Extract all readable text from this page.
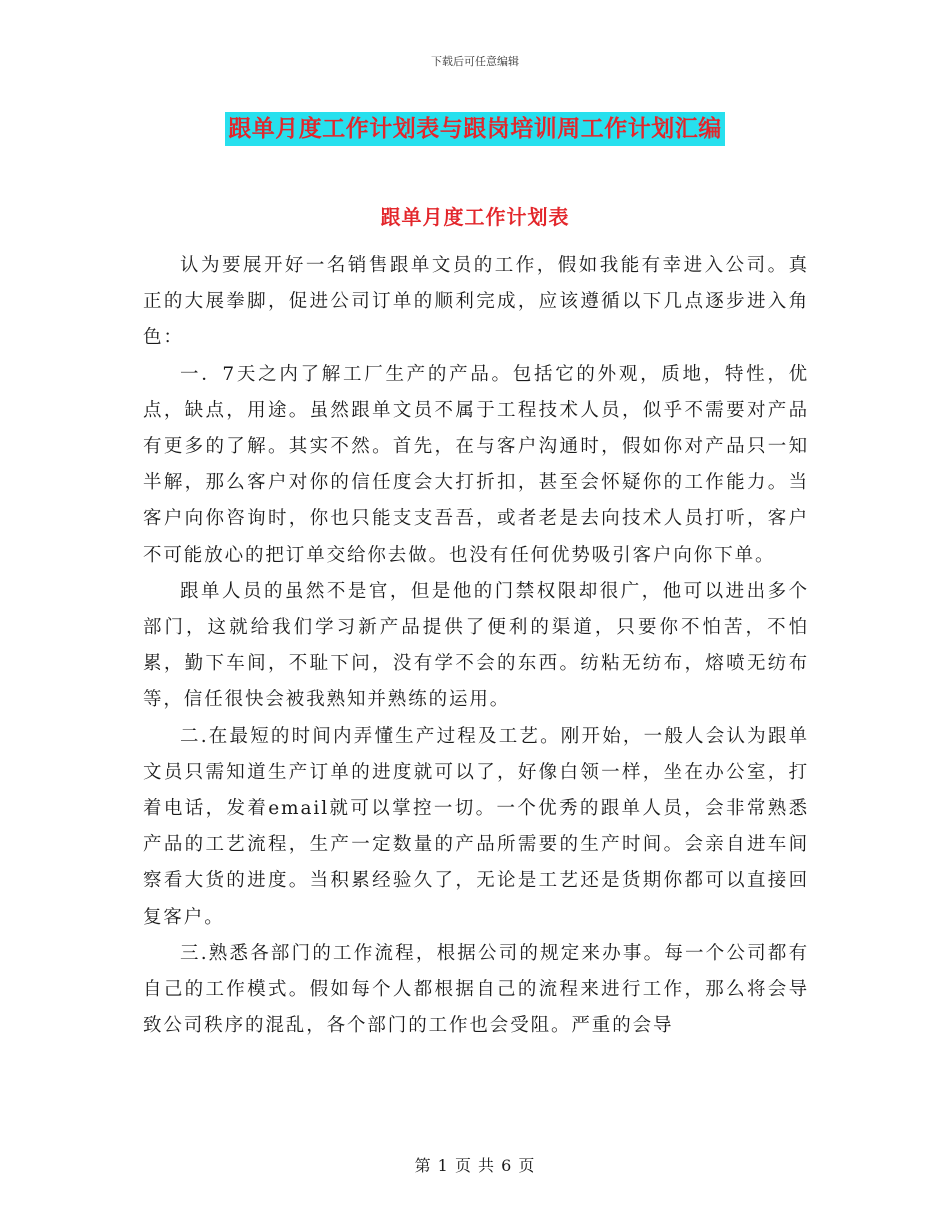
下载后可任意编辑
跟单月度工作计划表与跟岗培训周工作计划汇编
跟单月度工作计划表

认为要展开好一名销售跟单文员的工作，假如我能有幸进入公司。真正的大展拳脚，促进公司订单的顺利完成，应该遵循以下几点逐步进入角色：

一．7天之内了解工厂生产的产品。包括它的外观，质地，特性，优点，缺点，用途。虽然跟单文员不属于工程技术人员，似乎不需要对产品有更多的了解。其实不然。首先，在与客户沟通时，假如你对产品只一知半解，那么客户对你的信任度会大打折扣，甚至会怀疑你的工作能力。当客户向你咨询时，你也只能支支吾吾，或者老是去向技术人员打听，客户不可能放心的把订单交给你去做。也没有任何优势吸引客户向你下单。

跟单人员的虽然不是官，但是他的门禁权限却很广，他可以进出多个部门，这就给我们学习新产品提供了便利的渠道，只要你不怕苦，不怕累，勤下车间，不耻下问，没有学不会的东西。纺粘无纺布，熔喷无纺布等，信任很快会被我熟知并熟练的运用。

二.在最短的时间内弄懂生产过程及工艺。刚开始，一般人会认为跟单文员只需知道生产订单的进度就可以了，好像白领一样，坐在办公室，打着电话，发着email就可以掌控一切。一个优秀的跟单人员，会非常熟悉产品的工艺流程，生产一定数量的产品所需要的生产时间。会亲自进车间察看大货的进度。当积累经验久了，无论是工艺还是货期你都可以直接回复客户。

三.熟悉各部门的工作流程，根据公司的规定来办事。每一个公司都有自己的工作模式。假如每个人都根据自己的流程来进行工作，那么将会导致公司秩序的混乱，各个部门的工作也会受阻。严重的会导

第 1 页 共 6 页
